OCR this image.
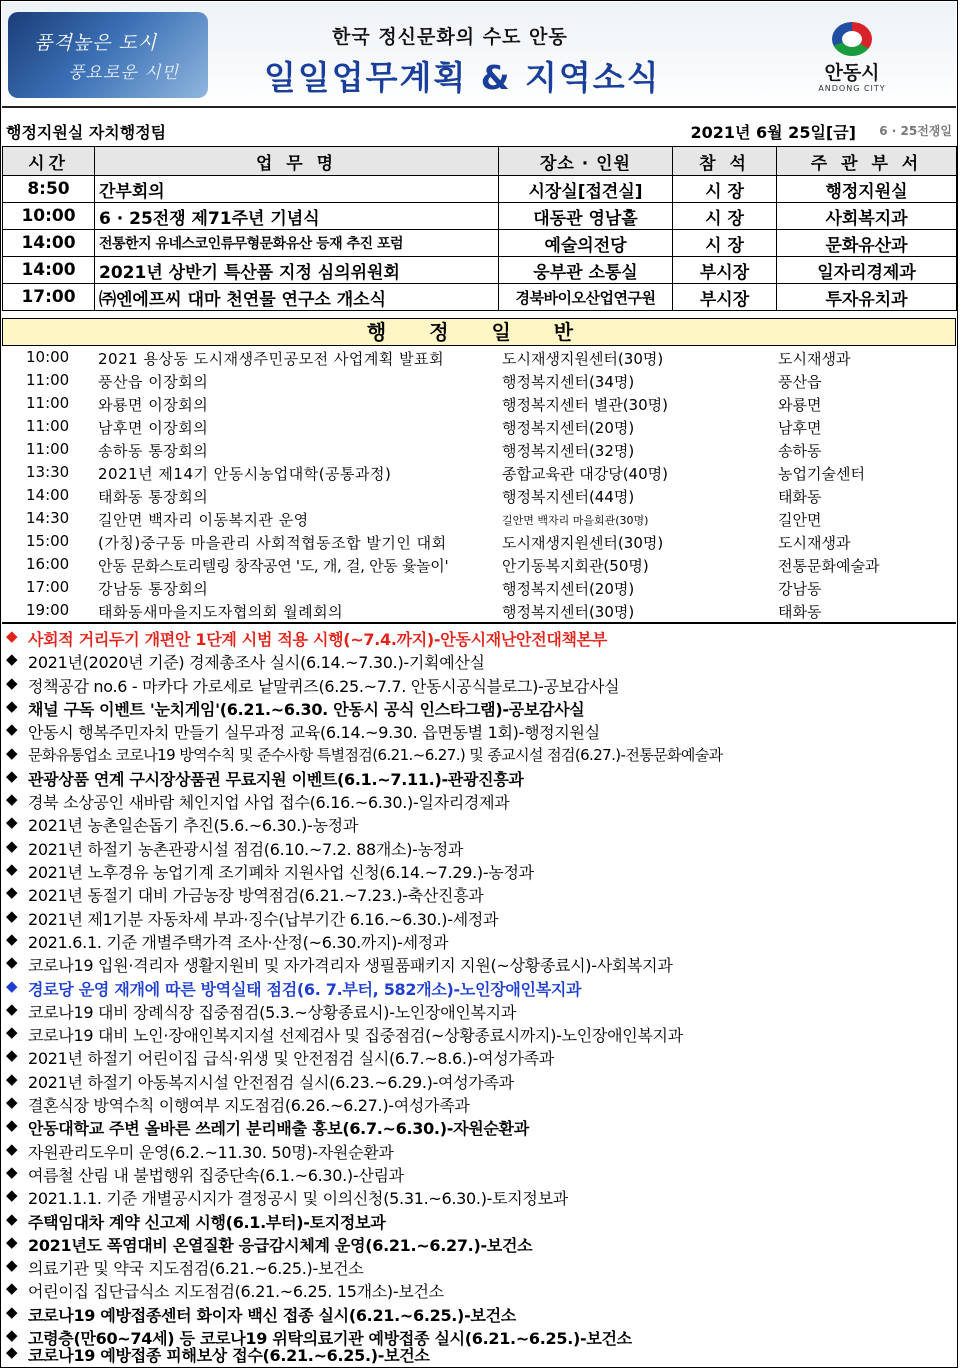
품격높은 도시
풍요로운 시민
한국 정신문화의 수도 안동
일일업무계획 & 지역소식	안동시
ANDONG CITY
행정지원실 자치행정팀	2021년 6월 25일[금] 6 · 25전쟁일
시간	업 무 명	장소 · 인원	참 석	주 관 부 서
8:50	간부회의	시장실[접견실]	시 장	행정지원실
10:00	6 · 25전쟁 제71주년 기념식	대동관 영남홀	시 장	사회복지과
14:00	전통한지 유네스코인류무형문화유산 등재 추진 포럼	예술의전당	시 장	문화유산과
14:00	2021년 상반기 특산품 지정 심의위원회	웅부관 소통실	부시장	일자리경제과
17:00	㈜엔에프씨 대마 천연물 연구소 개소식	경북바이오산업연구원	부시장	투자유치과
행 정 일 반
10:00 2021 용상동 도시재생주민공모전 사업계획 발표회	도시재생지원센터(30명)	도시재생과
11:00 풍산읍 이장회의	행정복지센터(34명)	풍산읍
11:00 와룡면 이장회의	행정복지센터 별관(30명)	와룡면
11:00 남후면 이장회의	행정복지센터(20명)	남후면
11:00 송하동 통장회의	행정복지센터(32명)	송하동
13:30 2021년 제14기 안동시농업대학(공통과정)	종합교육관 대강당(40명)	농업기술센터
14:00 태화동 통장회의	행정복지센터(44명)	태화동
14:30 길안면 백자리 이동복지관 운영	길안면 백자리 마을회관(30명)	길안면
15:00 (가칭)중구동 마을관리 사회적협동조합 발기인 대회	도시재생지원센터(30명)	도시재생과
16:00 안동 문화스토리텔링 창작공연 '도, 개, 걸, 안동 윷놀이'	안기동복지회관(50명)	전통문화예술과
17:00 강남동 통장회의	행정복지센터(20명)	강남동
19:00 태화동새마을지도자협의회 월례회의	행정복지센터(30명)	태화동
◆ 사회적 거리두기 개편안 1단계 시범 적용 시행(~7.4.까지)-안동시재난안전대책본부
◆ 2021년(2020년 기준) 경제총조사 실시(6.14.~7.30.)-기획예산실
◆ 정책공감 no.6 - 마카다 가로세로 낱말퀴즈(6.25.~7.7. 안동시공식블로그)-공보감사실
◆ 채널 구독 이벤트 '눈치게임'(6.21.~6.30. 안동시 공식 인스타그램)-공보감사실
◆ 안동시 행복주민자치 만들기 실무과정 교육(6.14.~9.30. 읍면동별 1회)-행정지원실
◆ 문화유통업소 코로나19 방역수칙 및 준수사항 특별점검(6.21.~6.27.) 및 종교시설 점검(6.27.)-전통문화예술과
◆ 관광상품 연계 구시장상품권 무료지원 이벤트(6.1.~7.11.)-관광진흥과
◆ 경북 소상공인 새바람 체인지업 사업 접수(6.16.~6.30.)-일자리경제과
◆ 2021년 농촌일손돕기 추진(5.6.~6.30.)-농정과
◆ 2021년 하절기 농촌관광시설 점검(6.10.~7.2. 88개소)-농정과
◆ 2021년 노후경유 농업기계 조기폐차 지원사업 신청(6.14.~7.29.)-농정과
◆ 2021년 동절기 대비 가금농장 방역점검(6.21.~7.23.)-축산진흥과
◆ 2021년 제1기분 자동차세 부과·징수(납부기간 6.16.~6.30.)-세정과
◆ 2021.6.1. 기준 개별주택가격 조사·산정(~6.30.까지)-세정과
◆ 코로나19 입원·격리자 생활지원비 및 자가격리자 생필품패키지 지원(~상황종료시)-사회복지과
◆ 경로당 운영 재개에 따른 방역실태 점검(6. 7.부터, 582개소)-노인장애인복지과
◆ 코로나19 대비 장례식장 집중점검(5.3.~상황종료시)-노인장애인복지과
◆ 코로나19 대비 노인·장애인복지지설 선제검사 및 집중점검(~상황종료시까지)-노인장애인복지과
◆ 2021년 하절기 어린이집 급식·위생 및 안전점검 실시(6.7.~8.6.)-여성가족과
◆ 2021년 하절기 아동복지시설 안전점검 실시(6.23.~6.29.)-여성가족과
◆ 결혼식장 방역수칙 이행여부 지도점검(6.26.~6.27.)-여성가족과
◆ 안동대학교 주변 올바른 쓰레기 분리배출 홍보(6.7.~6.30.)-자원순환과
◆ 자원관리도우미 운영(6.2.~11.30. 50명)-자원순환과
◆ 여름철 산림 내 불법행위 집중단속(6.1.~6.30.)-산림과
◆ 2021.1.1. 기준 개별공시지가 결정공시 및 이의신청(5.31.~6.30.)-토지정보과
◆ 주택임대차 계약 신고제 시행(6.1.부터)-토지정보과
◆ 2021년도 폭염대비 온열질환 응급감시체계 운영(6.21.~6.27.)-보건소
◆ 의료기관 및 약국 지도점검(6.21.~6.25.)-보건소
◆ 어린이집 집단급식소 지도점검(6.21.~6.25. 15개소)-보건소
◆ 코로나19 예방접종센터 화이자 백신 접종 실시(6.21.~6.25.)-보건소
◆ 고령층(만60~74세) 등 코로나19 위탁의료기관 예방접종 실시(6.21.~6.25.)-보건소
◆ 코로나19 예방접종 피해보상 접수(6.21.~6.25.)-보건소
